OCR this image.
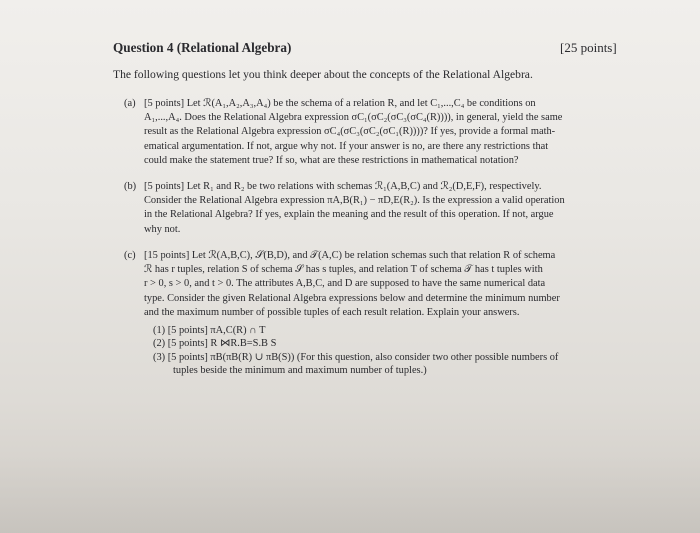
Question 4 (Relational Algebra)	[25 points]
The following questions let you think deeper about the concepts of the Relational Algebra.
(a) [5 points] Let ℛ(A₁,A₂,A₃,A₄) be the schema of a relation R, and let C₁,...,C₄ be conditions on
A₁,...,A₄. Does the Relational Algebra expression σC₁(σC₂(σC₃(σC₄(R)))), in general, yield the same
result as the Relational Algebra expression σC₄(σC₃(σC₂(σC₁(R))))? If yes, provide a formal math-
ematical argumentation. If not, argue why not. If your answer is no, are there any restrictions that
could make the statement true? If so, what are these restrictions in mathematical notation?
(b) [5 points] Let R₁ and R₂ be two relations with schemas ℛ₁(A,B,C) and ℛ₂(D,E,F), respectively.
Consider the Relational Algebra expression πA,B(R₁) − πD,E(R₂). Is the expression a valid operation
in the Relational Algebra? If yes, explain the meaning and the result of this operation. If not, argue
why not.
(c) [15 points] Let ℛ(A,B,C), 𝒮(B,D), and 𝒯(A,C) be relation schemas such that relation R of schema
ℛ has r tuples, relation S of schema 𝒮 has s tuples, and relation T of schema 𝒯 has t tuples with
r > 0, s > 0, and t > 0. The attributes A,B,C, and D are supposed to have the same numerical data
type. Consider the given Relational Algebra expressions below and determine the minimum number
and the maximum number of possible tuples of each result relation. Explain your answers.
(1) [5 points] πA,C(R) ∩ T
(2) [5 points] R ⋈R.B=S.B S
(3) [5 points] πB(πB(R) ∪ πB(S)) (For this question, also consider two other possible numbers of
tuples beside the minimum and maximum number of tuples.)
